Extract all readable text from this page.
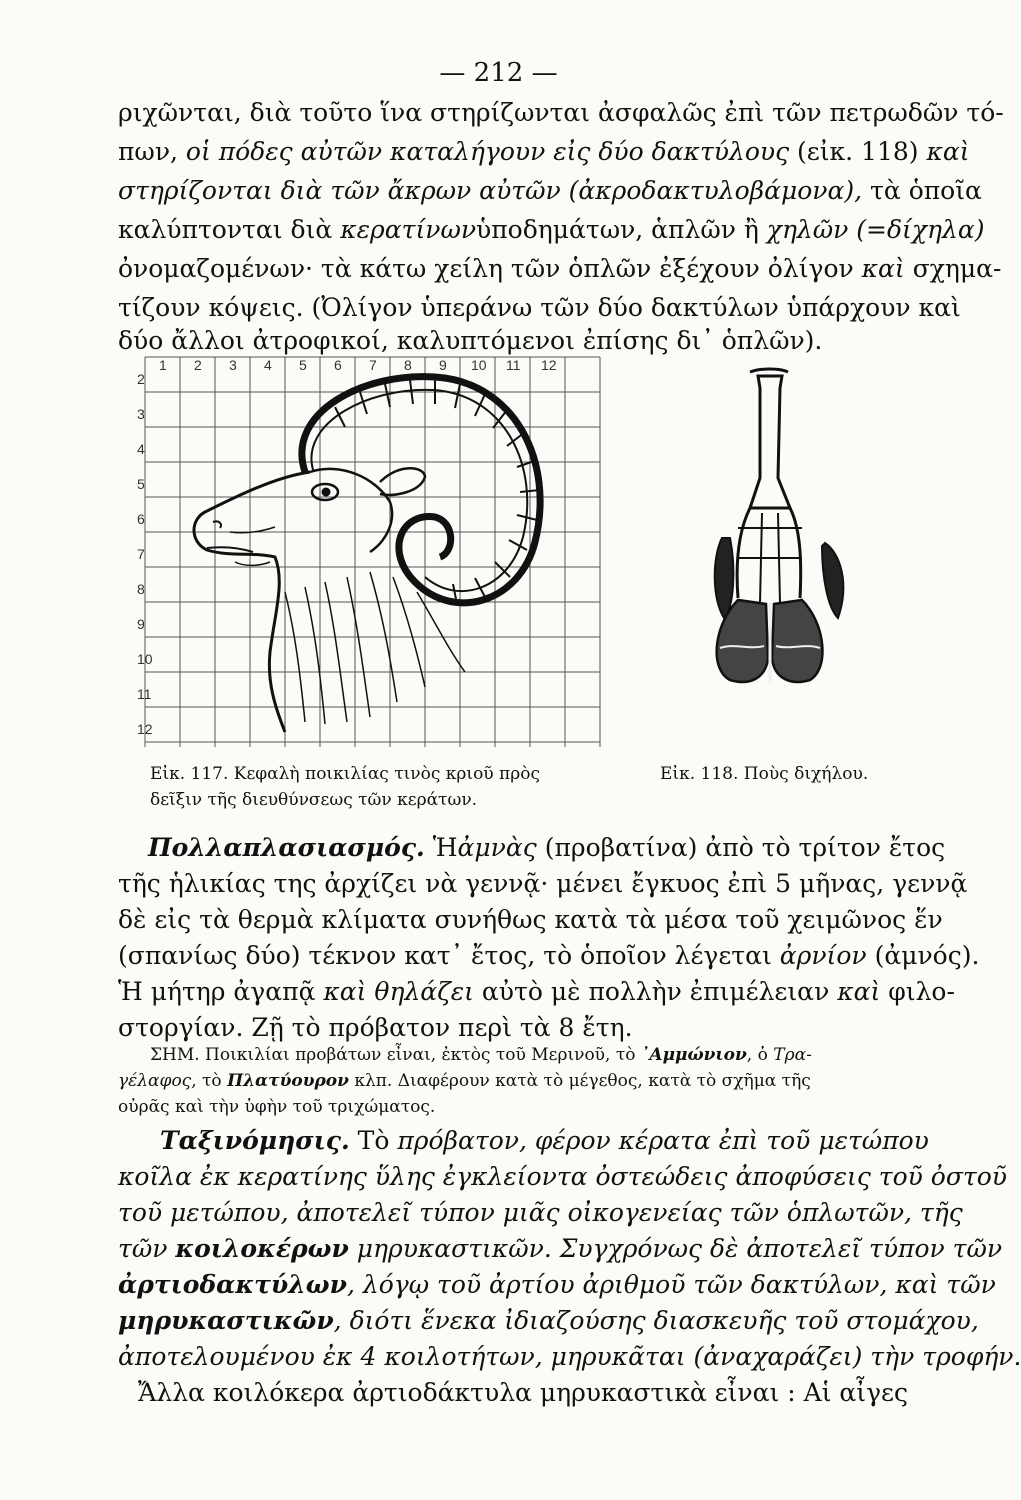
— 212 —
ριχῶνται, διὰ τοῦτο ἵνα στηρίζωνται ἀσφαλῶς ἐπὶ τῶν πετρωδῶν τό-
πων, οἱ πόδες αὐτῶν καταλήγουν εἰς δύο δακτύλους (εἰκ. 118) καὶ
στηρίζονται διὰ τῶν ἄκρων αὐτῶν (ἀκροδακτυλοβάμονα), τὰ ὁποῖα
καλύπτονται διὰ κερατίνωνὑποδημάτων, ἁπλῶν ἢ χηλῶν (=δίχηλα)
ὀνομαζομένων· τὰ κάτω χείλη τῶν ὁπλῶν ἐξέχουν ὀλίγον καὶ σχημα-
τίζουν κόψεις. (Ὀλίγον ὑπεράνω τῶν δύο δακτύλων ὑπάρχουν καὶ
δύο ἄλλοι ἀτροφικοί, καλυπτόμενοι ἐπίσης δι᾽ ὁπλῶν).
2
3
4
5
6
7
8
9
10
11
12
1 2 3 4 5 6 7 8 9 10 11 12
Εἰκ. 117. Κεφαλὴ ποικιλίας τινὸς κριοῦ πρὸς
δεῖξιν τῆς διευθύνσεως τῶν κεράτων.
Εἰκ. 118. Ποὺς διχήλου.
Πολλαπλασιασμός. Ἡἀμνὰς (προβατίνα) ἀπὸ τὸ τρίτον ἔτος
τῆς ἡλικίας της ἀρχίζει νὰ γεννᾷ· μένει ἔγκυος ἐπὶ 5 μῆνας, γεννᾷ
δὲ εἰς τὰ θερμὰ κλίματα συνήθως κατὰ τὰ μέσα τοῦ χειμῶνος ἕν
(σπανίως δύο) τέκνον κατ᾽ ἔτος, τὸ ὁποῖον λέγεται ἀρνίον (ἀμνός).
Ἡ μήτηρ ἀγαπᾷ καὶ θηλάζει αὐτὸ μὲ πολλὴν ἐπιμέλειαν καὶ φιλο-
στοργίαν. Ζῇ τὸ πρόβατον περὶ τὰ 8 ἔτη.
ΣΗΜ. Ποικιλίαι προβάτων εἶναι, ἐκτὸς τοῦ Μερινοῦ, τὸ ᾿Αμμώνιον, ὁ Τρα-
γέλαφος, τὸ Πλατύουρον κλπ. Διαφέρουν κατὰ τὸ μέγεθος, κατὰ τὸ σχῆμα τῆς
οὐρᾶς καὶ τὴν ὑφὴν τοῦ τριχώματος.
Ταξινόμησις. Τὸ πρόβατον, φέρον κέρατα ἐπὶ τοῦ μετώπου
κοῖλα ἐκ κερατίνης ὕλης ἐγκλείοντα ὀστεώδεις ἀποφύσεις τοῦ ὀστοῦ
τοῦ μετώπου, ἀποτελεῖ τύπον μιᾶς οἰκογενείας τῶν ὁπλωτῶν, τῆς
τῶν κοιλοκέρων μηρυκαστικῶν. Συγχρόνως δὲ ἀποτελεῖ τύπον τῶν
ἀρτιοδακτύλων, λόγῳ τοῦ ἀρτίου ἀριθμοῦ τῶν δακτύλων, καὶ τῶν
μηρυκαστικῶν, διότι ἕνεκα ἰδιαζούσης διασκευῆς τοῦ στομάχου,
ἀποτελουμένου ἐκ 4 κοιλοτήτων, μηρυκᾶται (ἀναχαράζει) τὴν τροφήν.
Ἄλλα κοιλόκερα ἀρτιοδάκτυλα μηρυκαστικὰ εἶναι : Αἱ αἶγες
